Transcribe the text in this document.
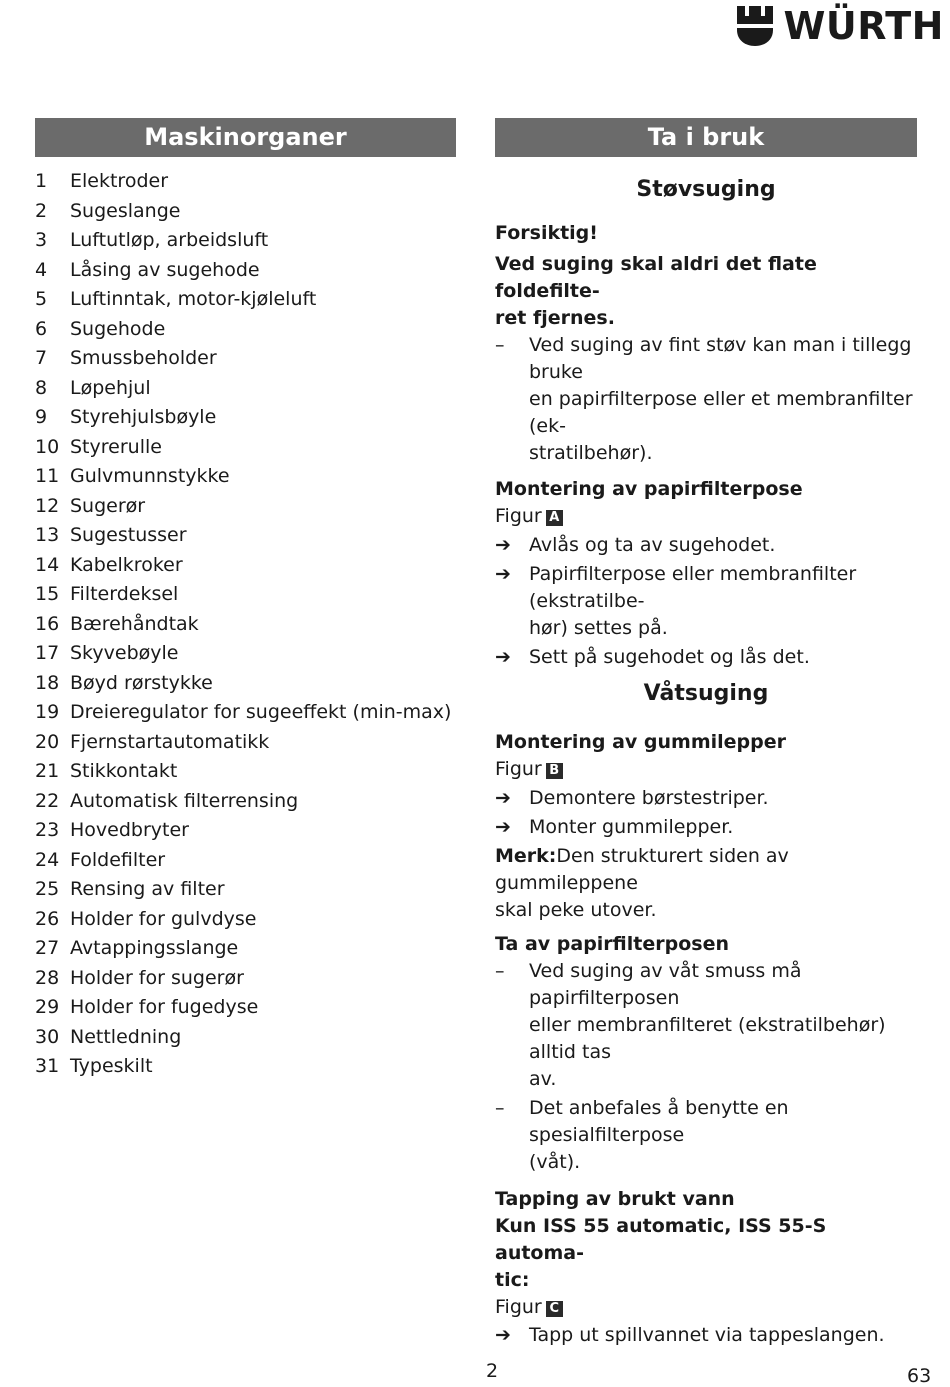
WÜRTH
Maskinorganer
1	Elektroder
2	Sugeslange
3	Luftutløp, arbeidsluft
4	Låsing av sugehode
5	Luftinntak, motor-kjøleluft
6	Sugehode
7	Smussbeholder
8	Løpehjul
9	Styrehjulsbøyle
10 Styrerulle
11 Gulvmunnstykke
12 Sugerør
13 Sugestusser
14 Kabelkroker
15 Filterdeksel
16 Bærehåndtak
17 Skyvebøyle
18 Bøyd rørstykke
19 Dreieregulator for sugeeffekt (min-max)
20 Fjernstartautomatikk
21 Stikkontakt
22 Automatisk filterrensing
23 Hovedbryter
24 Foldefilter
25 Rensing av filter
26 Holder for gulvdyse
27 Avtappingsslange
28 Holder for sugerør
29 Holder for fugedyse
30 Nettledning
31 Typeskilt
Ta i bruk
Støvsuging
Forsiktig!
Ved suging skal aldri det flate foldefilte-
ret fjernes.
–	Ved suging av fint støv kan man i tillegg bruke
en papirfilterpose eller et membranfilter (ek-
stratilbehør).
Montering av papirfilterpose
Figur A
➔ Avlås og ta av sugehodet.
➔ Papirfilterpose eller membranfilter (ekstratilbe-
hør) settes på.
➔ Sett på sugehodet og lås det.
Våtsuging
Montering av gummilepper
Figur B
➔ Demontere børstestriper.
➔ Monter gummilepper.
Merk:Den strukturert siden av gummileppene
skal peke utover.
Ta av papirfilterposen
–	Ved suging av våt smuss må papirfilterposen
eller membranfilteret (ekstratilbehør) alltid tas
av.
–	Det anbefales å benytte en spesialfilterpose
(våt).
Tapping av brukt vann
Kun ISS 55 automatic, ISS 55-S automa-
tic:
Figur C
➔ Tapp ut spillvannet via tappeslangen.
2	63
